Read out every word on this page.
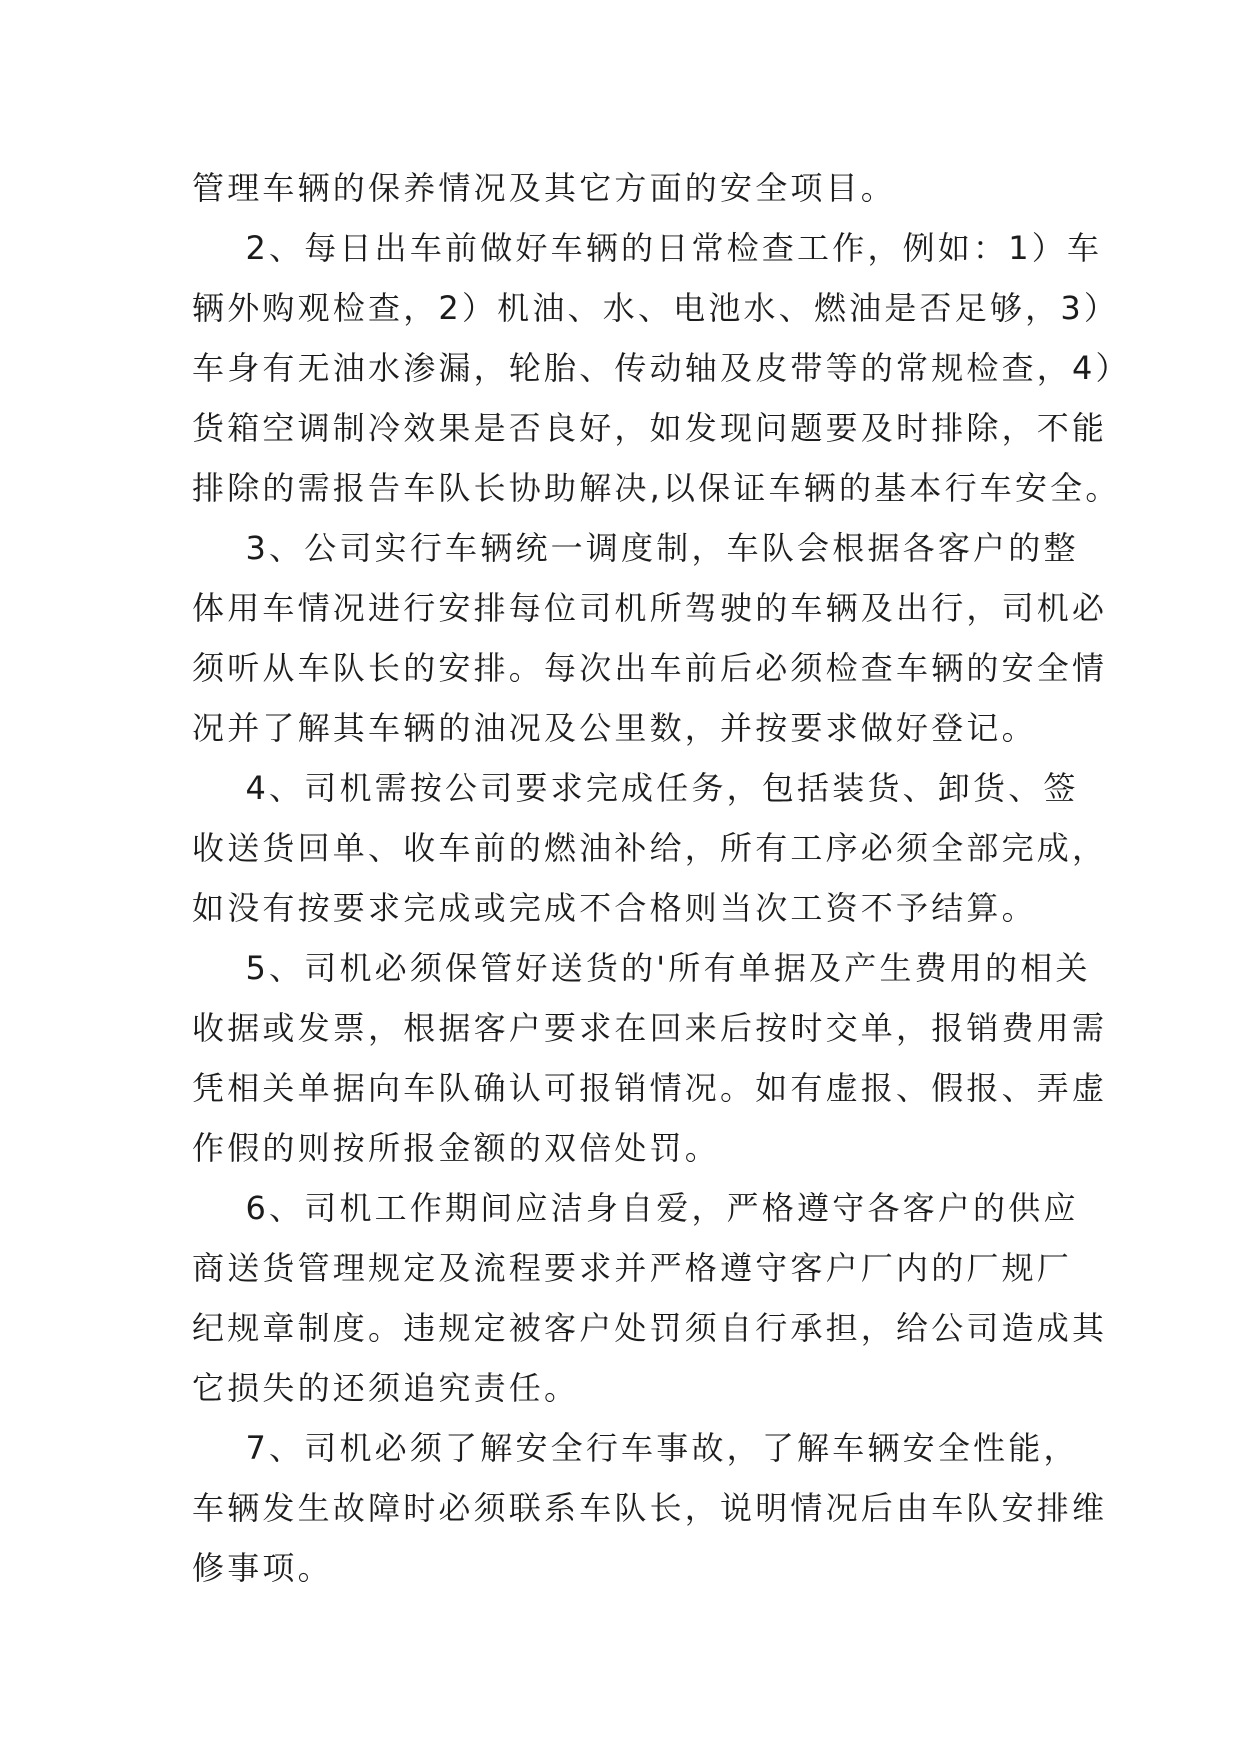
管理车辆的保养情况及其它方面的安全项目。
2、每日出车前做好车辆的日常检查工作，例如：1）车
辆外购观检查，2）机油、水、电池水、燃油是否足够，3）
车身有无油水渗漏，轮胎、传动轴及皮带等的常规检查，4）
货箱空调制冷效果是否良好，如发现问题要及时排除，不能
排除的需报告车队长协助解决,以保证车辆的基本行车安全。
3、公司实行车辆统一调度制，车队会根据各客户的整
体用车情况进行安排每位司机所驾驶的车辆及出行，司机必
须听从车队长的安排。每次出车前后必须检查车辆的安全情
况并了解其车辆的油况及公里数，并按要求做好登记。
4、司机需按公司要求完成任务，包括装货、卸货、签
收送货回单、收车前的燃油补给，所有工序必须全部完成，
如没有按要求完成或完成不合格则当次工资不予结算。
5、司机必须保管好送货的'所有单据及产生费用的相关
收据或发票，根据客户要求在回来后按时交单，报销费用需
凭相关单据向车队确认可报销情况。如有虚报、假报、弄虚
作假的则按所报金额的双倍处罚。
6、司机工作期间应洁身自爱，严格遵守各客户的供应
商送货管理规定及流程要求并严格遵守客户厂内的厂规厂
纪规章制度。违规定被客户处罚须自行承担，给公司造成其
它损失的还须追究责任。
7、司机必须了解安全行车事故，了解车辆安全性能，
车辆发生故障时必须联系车队长，说明情况后由车队安排维
修事项。
